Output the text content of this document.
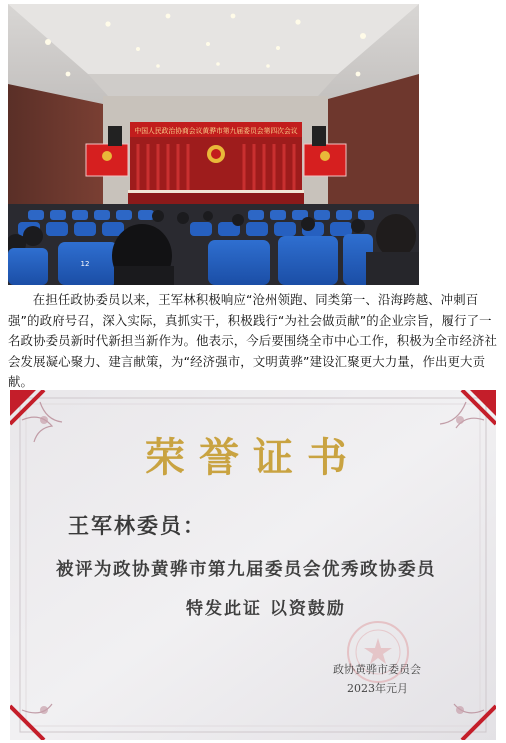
中国人民政治协商会议黄骅市第九届委员会第四次会议
12

在担任政协委员以来，王军林积极响应“沧州领跑、同类第一、沿海跨越、冲刺百强”的政府号召，深入实际，真抓实干，积极践行“为社会做贡献”的企业宗旨，履行了一名政协委员新时代新担当新作为。他表示，今后要围绕全市中心工作，积极为全市经济社会发展凝心聚力、建言献策，为“经济强市，文明黄骅”建设汇聚更大力量，作出更大贡献。

荣誉证书
王军林委员：
被评为政协黄骅市第九届委员会优秀政协委员
特发此证 以资鼓励
政协黄骅市委员会
2023年元月
